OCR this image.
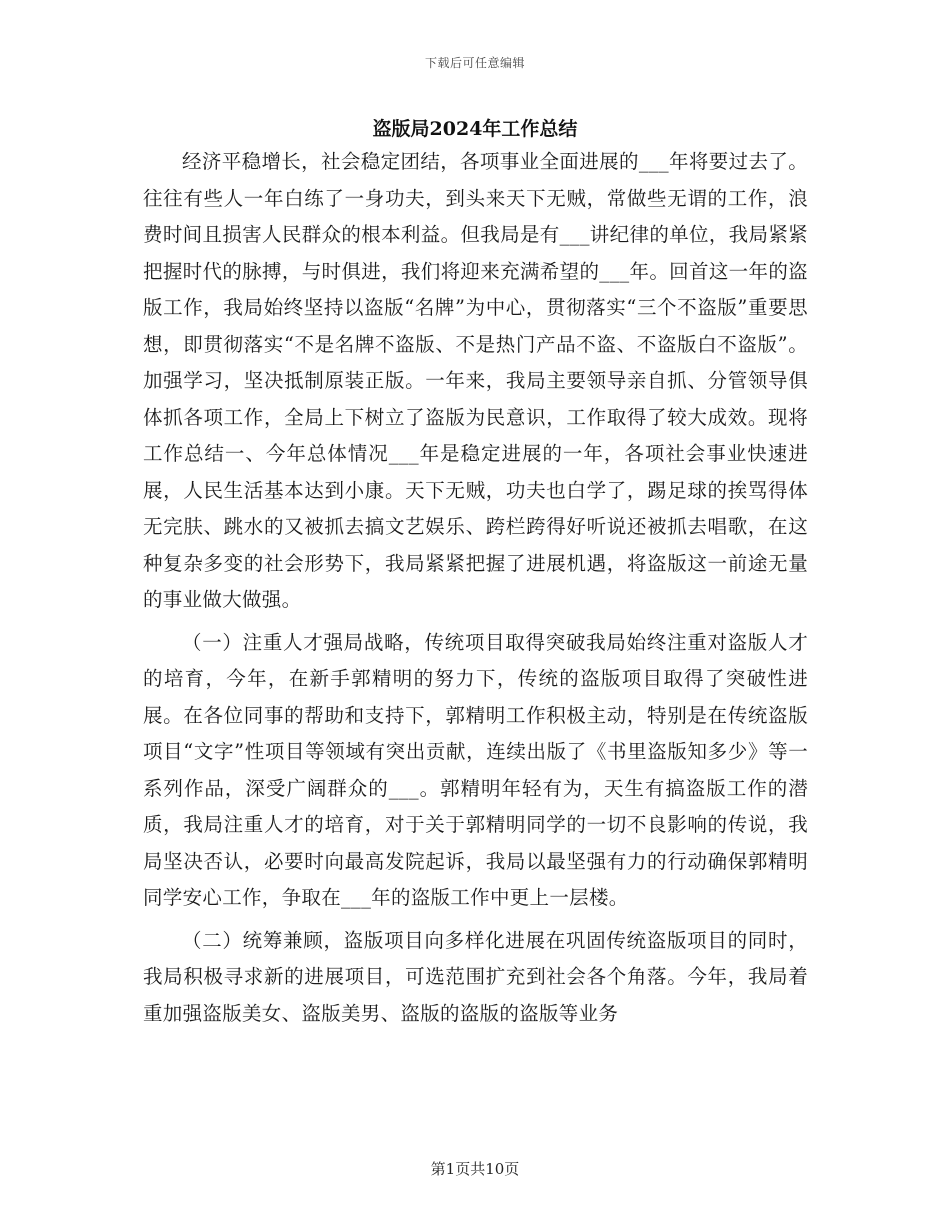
下载后可任意编辑
盗版局2024年工作总结

经济平稳增长，社会稳定团结，各项事业全面进展的___年将要过去了。往往有些人一年白练了一身功夫，到头来天下无贼，常做些无谓的工作，浪费时间且损害人民群众的根本利益。但我局是有___讲纪律的单位，我局紧紧把握时代的脉搏，与时俱进，我们将迎来充满希望的___年。回首这一年的盗版工作，我局始终坚持以盗版“名牌”为中心，贯彻落实“三个不盗版”重要思想，即贯彻落实“不是名牌不盗版、不是热门产品不盗、不盗版白不盗版”。加强学习，坚决抵制原装正版。一年来，我局主要领导亲自抓、分管领导俱体抓各项工作，全局上下树立了盗版为民意识，工作取得了较大成效。现将工作总结一、今年总体情况___年是稳定进展的一年，各项社会事业快速进展，人民生活基本达到小康。天下无贼，功夫也白学了，踢足球的挨骂得体无完肤、跳水的又被抓去搞文艺娱乐、跨栏跨得好听说还被抓去唱歌，在这种复杂多变的社会形势下，我局紧紧把握了进展机遇，将盗版这一前途无量的事业做大做强。

（一）注重人才强局战略，传统项目取得突破我局始终注重对盗版人才的培育，今年，在新手郭精明的努力下，传统的盗版项目取得了突破性进展。在各位同事的帮助和支持下，郭精明工作积极主动，特别是在传统盗版项目“文字”性项目等领域有突出贡献，连续出版了《书里盗版知多少》等一系列作品，深受广阔群众的___。郭精明年轻有为，天生有搞盗版工作的潜质，我局注重人才的培育，对于关于郭精明同学的一切不良影响的传说，我局坚决否认，必要时向最高发院起诉，我局以最坚强有力的行动确保郭精明同学安心工作，争取在___年的盗版工作中更上一层楼。

（二）统筹兼顾，盗版项目向多样化进展在巩固传统盗版项目的同时，我局积极寻求新的进展项目，可选范围扩充到社会各个角落。今年，我局着重加强盗版美女、盗版美男、盗版的盗版的盗版等业务

第1页共10页
